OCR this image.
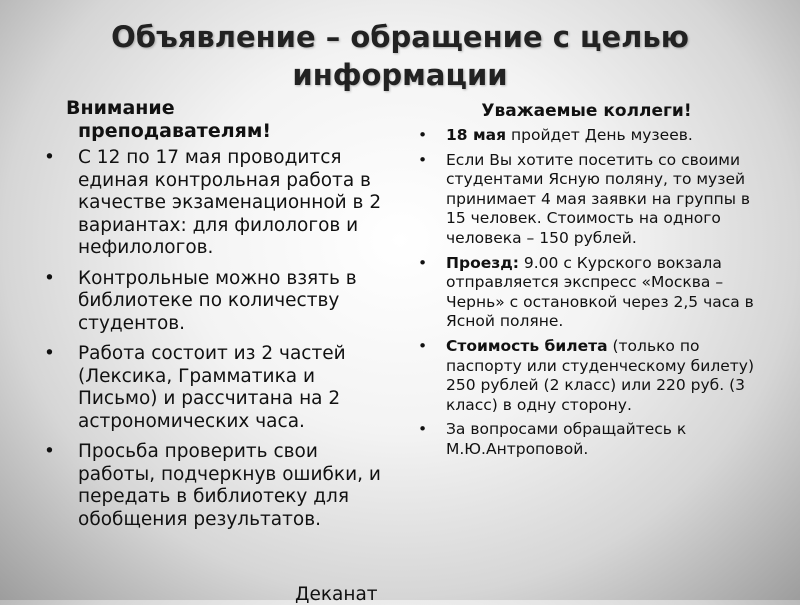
Объявление – обращение с целью
информации
Внимание
преподавателям!
• С 12 по 17 мая проводится единая контрольная работа в качестве экзаменационной в 2 вариантах: для филологов и нефилологов.
• Контрольные можно взять в библиотеке по количеству студентов.
• Работа состоит из 2 частей (Лексика, Грамматика и Письмо) и рассчитана на 2 астрономических часа.
• Просьба проверить свои работы, подчеркнув ошибки, и передать в библиотеку для обобщения результатов.
Деканат
Уважаемые коллеги!
• 18 мая пройдет День музеев.
• Если Вы хотите посетить со своими студентами Ясную поляну, то музей принимает 4 мая заявки на группы в 15 человек. Стоимость на одного человека – 150 рублей.
• Проезд: 9.00 с Курского вокзала отправляется экспресс «Москва – Чернь» с остановкой через 2,5 часа в Ясной поляне.
• Стоимость билета (только по паспорту или студенческому билету) 250 рублей (2 класс) или 220 руб. (3 класс) в одну сторону.
• За вопросами обращайтесь к М.Ю.Антроповой.
